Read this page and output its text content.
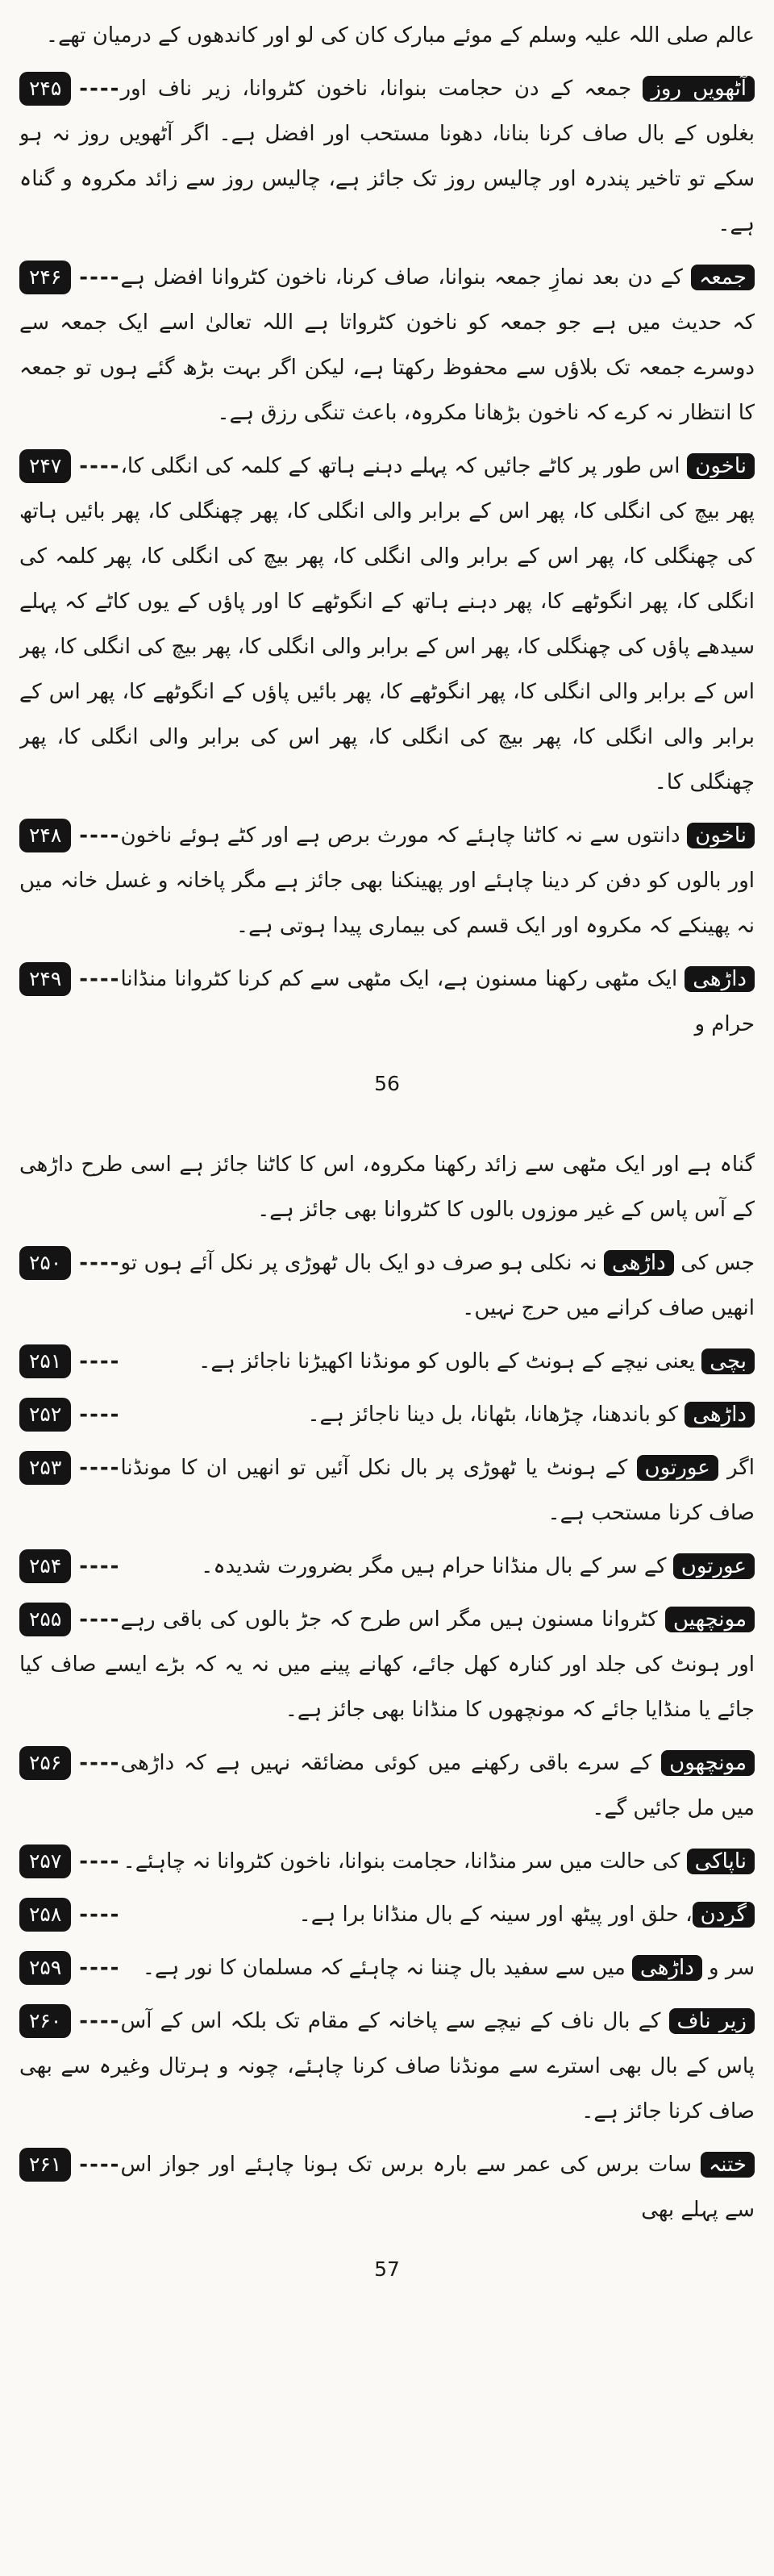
عالم صلی اللہ علیہ وسلم کے موئے مبارک کان کی لو اور کاندھوں کے درمیان تھے۔

۲۴۵ ----	آٹھویں روز جمعہ کے دن حجامت بنوانا، ناخون کٹروانا، زیر ناف اور بغلوں کے بال صاف کرنا بنانا، دھونا مستحب اور افضل ہے۔ اگر آٹھویں روز نہ ہو سکے تو تاخیر پندرہ اور چالیس روز تک جائز ہے، چالیس روز سے زائد مکروہ و گناہ ہے۔
۲۴۶ ----	جمعہ کے دن بعد نمازِ جمعہ بنوانا، صاف کرنا، ناخون کٹروانا افضل ہے کہ حدیث میں ہے جو جمعہ کو ناخون کٹرواتا ہے اللہ تعالیٰ اسے ایک جمعہ سے دوسرے جمعہ تک بلاؤں سے محفوظ رکھتا ہے، لیکن اگر بہت بڑھ گئے ہوں تو جمعہ کا انتظار نہ کرے کہ ناخون بڑھانا مکروہ، باعث تنگی رزق ہے۔
۲۴۷ ----	ناخون اس طور پر کاٹے جائیں کہ پہلے دہنے ہاتھ کے کلمہ کی انگلی کا، پھر بیچ کی انگلی کا، پھر اس کے برابر والی انگلی کا، پھر چھنگلی کا، پھر بائیں ہاتھ کی چھنگلی کا، پھر اس کے برابر والی انگلی کا، پھر بیچ کی انگلی کا، پھر کلمہ کی انگلی کا، پھر انگوٹھے کا، پھر دہنے ہاتھ کے انگوٹھے کا اور پاؤں کے یوں کاٹے کہ پہلے سیدھے پاؤں کی چھنگلی کا، پھر اس کے برابر والی انگلی کا، پھر بیچ کی انگلی کا، پھر اس کے برابر والی انگلی کا، پھر انگوٹھے کا، پھر بائیں پاؤں کے انگوٹھے کا، پھر اس کے برابر والی انگلی کا، پھر بیچ کی انگلی کا، پھر اس کی برابر والی انگلی کا، پھر چھنگلی کا۔
۲۴۸ ----	ناخون دانتوں سے نہ کاٹنا چاہئے کہ مورث برص ہے اور کٹے ہوئے ناخون اور بالوں کو دفن کر دینا چاہئے اور پھینکنا بھی جائز ہے مگر پاخانہ و غسل خانہ میں نہ پھینکے کہ مکروہ اور ایک قسم کی بیماری پیدا ہوتی ہے۔
۲۴۹ ----	داڑھی ایک مٹھی رکھنا مسنون ہے، ایک مٹھی سے کم کرنا کٹروانا منڈانا حرام و
56

گناہ ہے اور ایک مٹھی سے زائد رکھنا مکروہ، اس کا کاٹنا جائز ہے اسی طرح داڑھی کے آس پاس کے غیر موزوں بالوں کا کٹروانا بھی جائز ہے۔

۲۵۰ ----	جس کی داڑھی نہ نکلی ہو صرف دو ایک بال ٹھوڑی پر نکل آئے ہوں تو انھیں صاف کرانے میں حرج نہیں۔
۲۵۱ ----	بچی یعنی نیچے کے ہونٹ کے بالوں کو مونڈنا اکھیڑنا ناجائز ہے۔
۲۵۲ ----	داڑھی کو باندھنا، چڑھانا، بٹھانا، بل دینا ناجائز ہے۔
۲۵۳ ----	اگر عورتوں کے ہونٹ یا ٹھوڑی پر بال نکل آئیں تو انھیں ان کا مونڈنا صاف کرنا مستحب ہے۔
۲۵۴ ----	عورتوں کے سر کے بال منڈانا حرام ہیں مگر بضرورت شدیدہ۔
۲۵۵ ----	مونچھیں کٹروانا مسنون ہیں مگر اس طرح کہ جڑ بالوں کی باقی رہے اور ہونٹ کی جلد اور کنارہ کھل جائے، کھانے پینے میں نہ یہ کہ بڑے ایسے صاف کیا جائے یا منڈایا جائے کہ مونچھوں کا منڈانا بھی جائز ہے۔
۲۵۶ ----	مونچھوں کے سرے باقی رکھنے میں کوئی مضائقہ نہیں ہے کہ داڑھی میں مل جائیں گے۔
۲۵۷ ----	ناپاکی کی حالت میں سر منڈانا، حجامت بنوانا، ناخون کٹروانا نہ چاہئے۔
۲۵۸ ----	گردن، حلق اور پیٹھ اور سینہ کے بال منڈانا برا ہے۔
۲۵۹ ----	سر و داڑھی میں سے سفید بال چننا نہ چاہئے کہ مسلمان کا نور ہے۔
۲۶۰ ----	زیر ناف کے بال ناف کے نیچے سے پاخانہ کے مقام تک بلکہ اس کے آس پاس کے بال بھی استرے سے مونڈنا صاف کرنا چاہئے، چونہ و ہرتال وغیرہ سے بھی صاف کرنا جائز ہے۔
۲۶۱ ----	ختنہ سات برس کی عمر سے بارہ برس تک ہونا چاہئے اور جواز اس سے پہلے بھی
57
